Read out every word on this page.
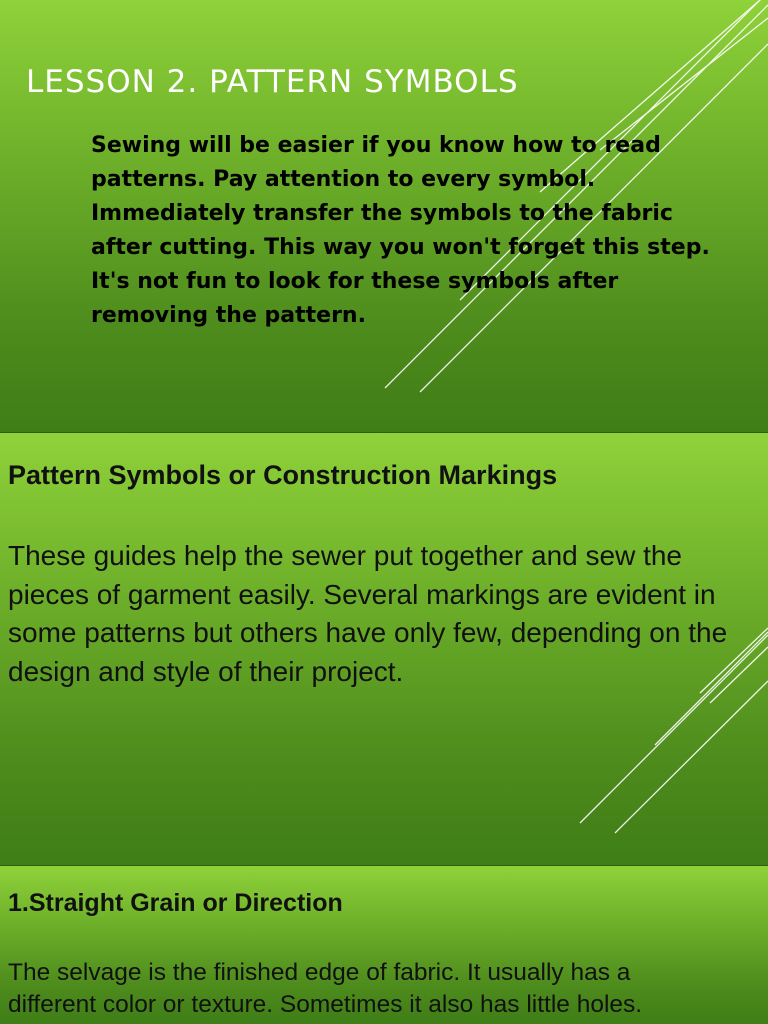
LESSON 2. PATTERN SYMBOLS

Sewing will be easier if you know how to read patterns. Pay attention to every symbol. Immediately transfer the symbols to the fabric after cutting. This way you won't forget this step. It's not fun to look for these symbols after removing the pattern.

Pattern Symbols or Construction Markings

These guides help the sewer put together and sew the pieces of garment easily. Several markings are evident in some patterns but others have only few, depending on the design and style of their project.

1.Straight Grain or Direction

The selvage is the finished edge of fabric. It usually has a
different color or texture. Sometimes it also has little holes.
